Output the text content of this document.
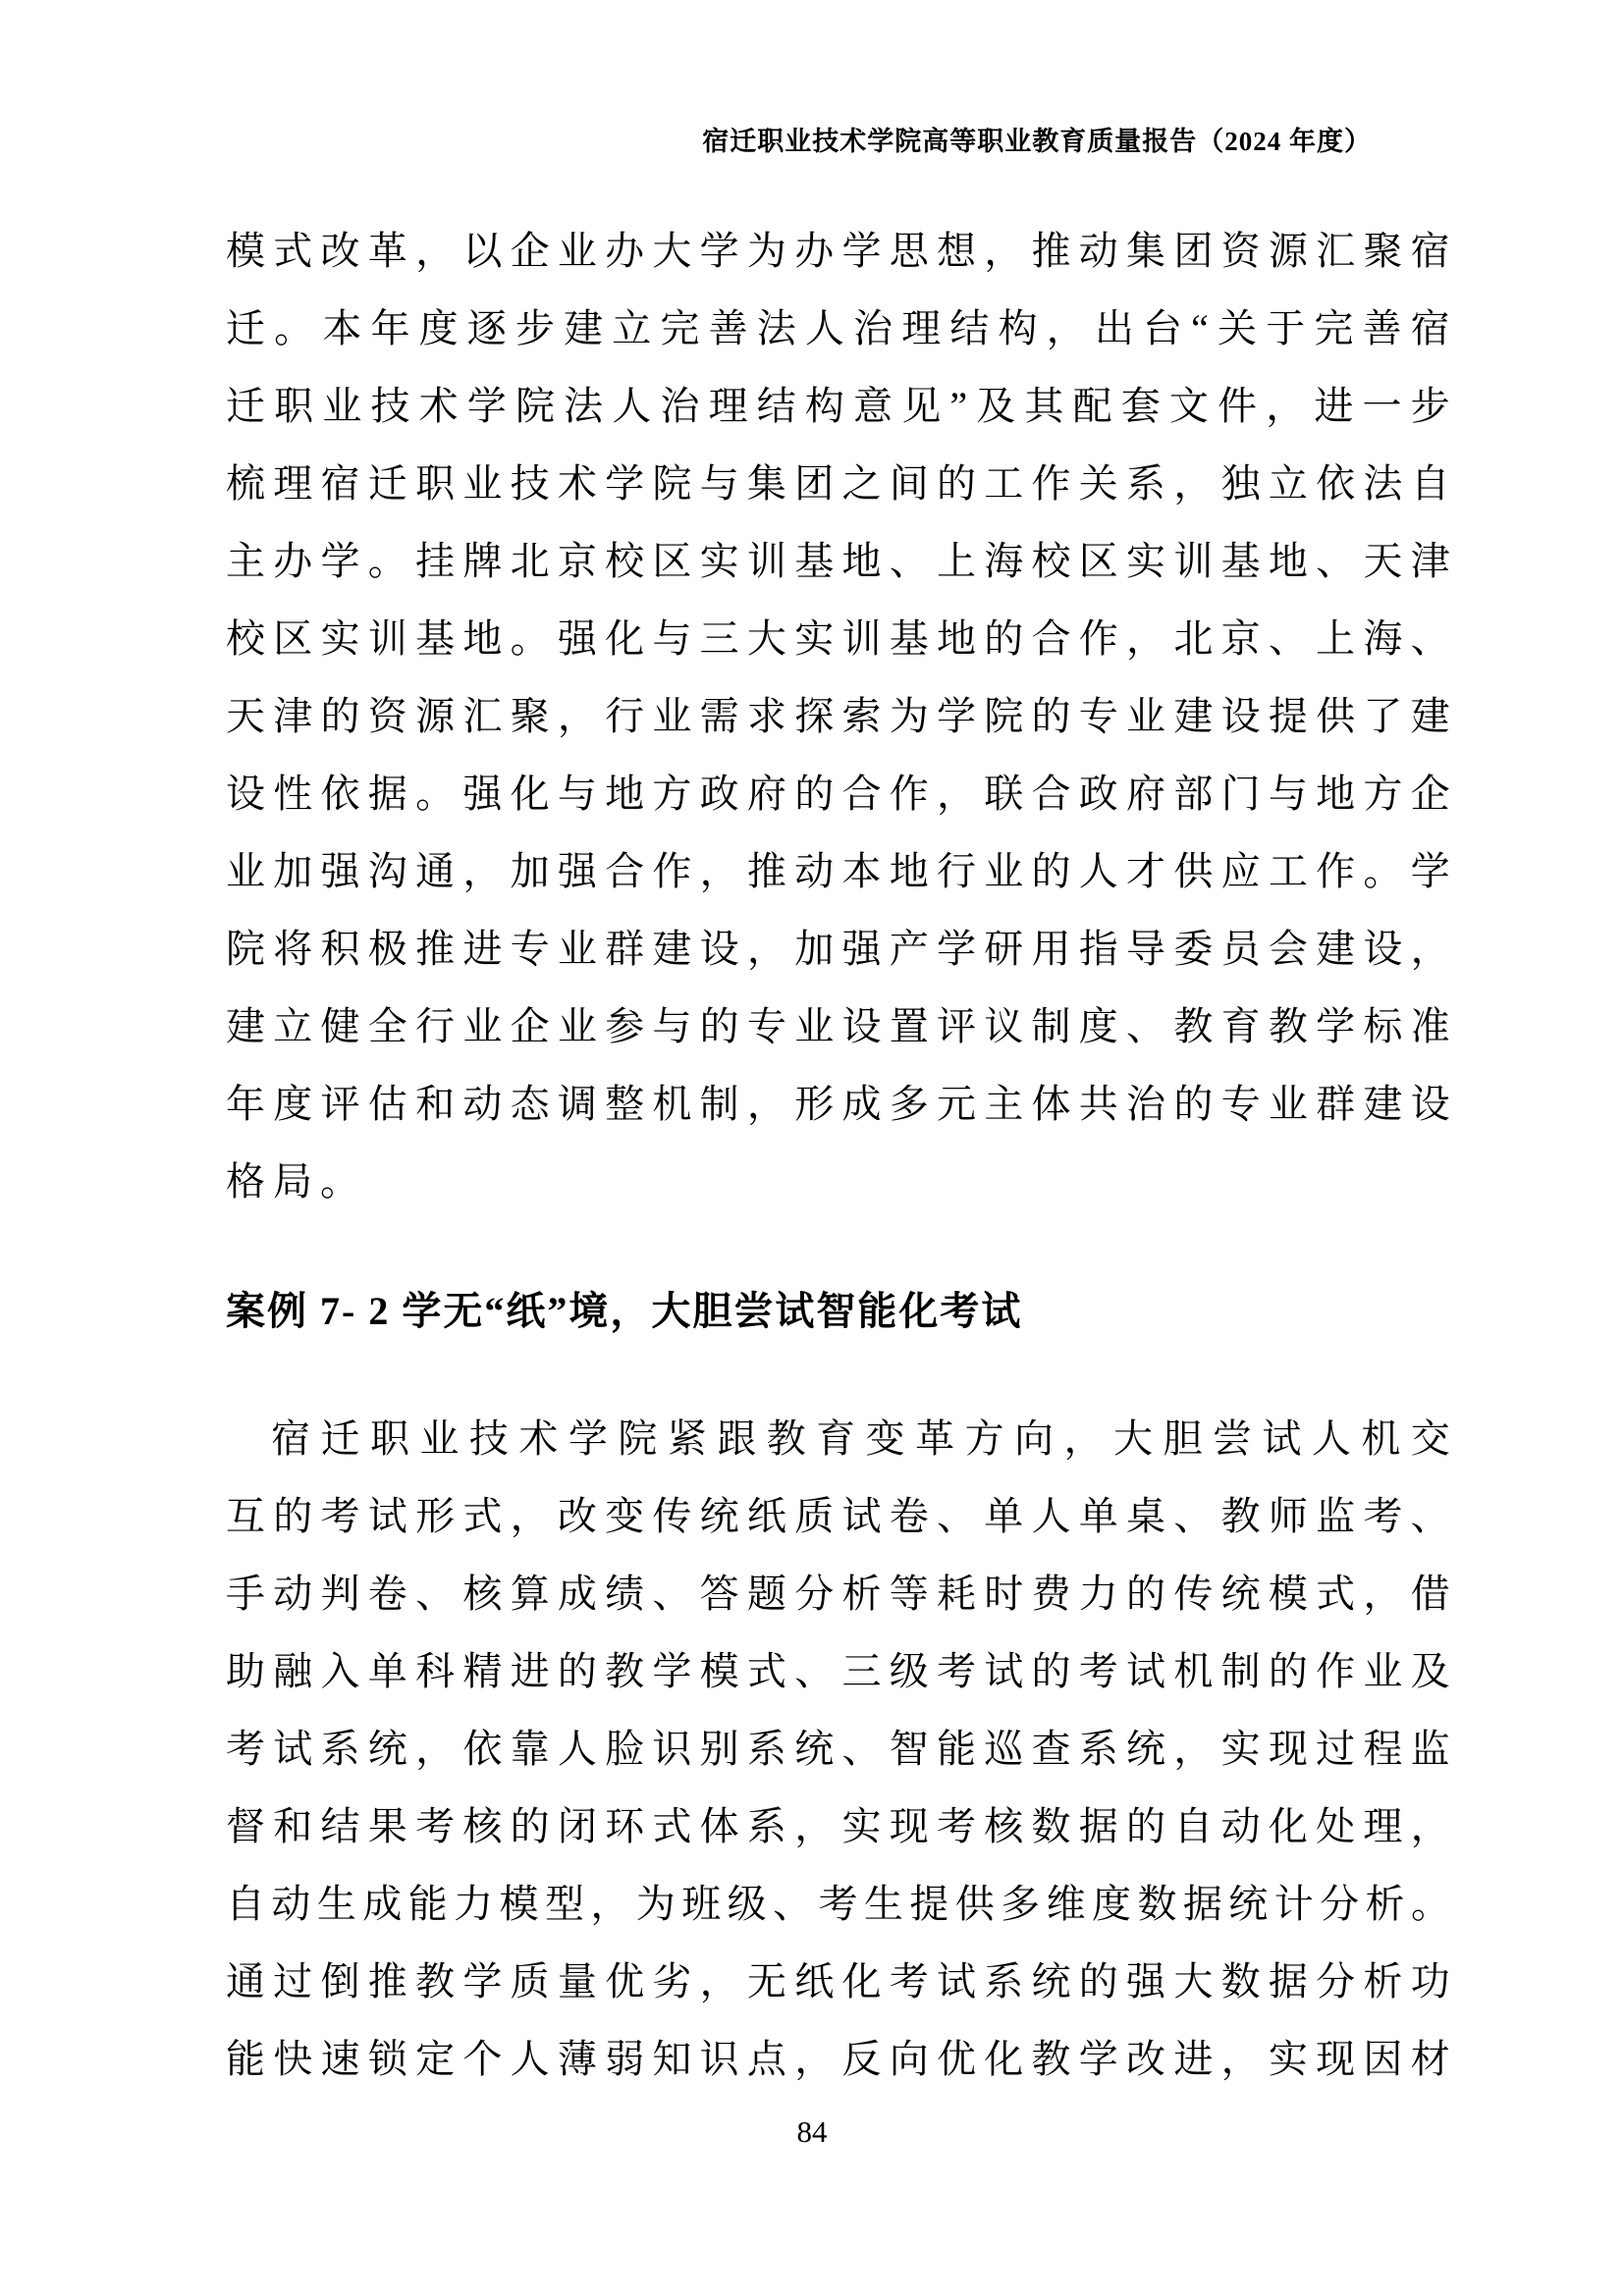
宿迁职业技术学院高等职业教育质量报告（2024 年度）
模 式 改 革 ， 以 企 业 办 大 学 为 办 学 思 想 ， 推 动 集 团 资 源 汇 聚 宿
迁 。 本 年 度 逐 步 建 立 完 善 法 人 治 理 结 构 ， 出 台 “ 关 于 完 善 宿
迁 职 业 技 术 学 院 法 人 治 理 结 构 意 见 ” 及 其 配 套 文 件 ， 进 一 步
梳 理 宿 迁 职 业 技 术 学 院 与 集 团 之 间 的 工 作 关 系 ， 独 立 依 法 自
主 办 学 。 挂 牌 北 京 校 区 实 训 基 地 、 上 海 校 区 实 训 基 地 、 天 津
校 区 实 训 基 地 。 强 化 与 三 大 实 训 基 地 的 合 作 ， 北 京 、 上 海 、
天 津 的 资 源 汇 聚 ， 行 业 需 求 探 索 为 学 院 的 专 业 建 设 提 供 了 建
设 性 依 据 。 强 化 与 地 方 政 府 的 合 作 ， 联 合 政 府 部 门 与 地 方 企
业 加 强 沟 通 ， 加 强 合 作 ， 推 动 本 地 行 业 的 人 才 供 应 工 作 。 学
院 将 积 极 推 进 专 业 群 建 设 ， 加 强 产 学 研 用 指 导 委 员 会 建 设 ，
建 立 健 全 行 业 企 业 参 与 的 专 业 设 置 评 议 制 度 、 教 育 教 学 标 准
年 度 评 估 和 动 态 调 整 机 制 ， 形 成 多 元 主 体 共 治 的 专 业 群 建 设
格局。
案例 7- 2 学无“纸”境，大胆尝试智能化考试
宿 迁 职 业 技 术 学 院 紧 跟 教 育 变 革 方 向 ， 大 胆 尝 试 人 机 交
互 的 考 试 形 式 ， 改 变 传 统 纸 质 试 卷 、 单 人 单 桌 、 教 师 监 考 、
手 动 判 卷 、 核 算 成 绩 、 答 题 分 析 等 耗 时 费 力 的 传 统 模 式 ， 借
助 融 入 单 科 精 进 的 教 学 模 式 、 三 级 考 试 的 考 试 机 制 的 作 业 及
考 试 系 统 ， 依 靠 人 脸 识 别 系 统 、 智 能 巡 查 系 统 ， 实 现 过 程 监
督 和 结 果 考 核 的 闭 环 式 体 系 ， 实 现 考 核 数 据 的 自 动 化 处 理 ，
自 动 生 成 能 力 模 型 ， 为 班 级 、 考 生 提 供 多 维 度 数 据 统 计 分 析 。
通 过 倒 推 教 学 质 量 优 劣 ， 无 纸 化 考 试 系 统 的 强 大 数 据 分 析 功
能 快 速 锁 定 个 人 薄 弱 知 识 点 ， 反 向 优 化 教 学 改 进 ， 实 现 因 材
84
